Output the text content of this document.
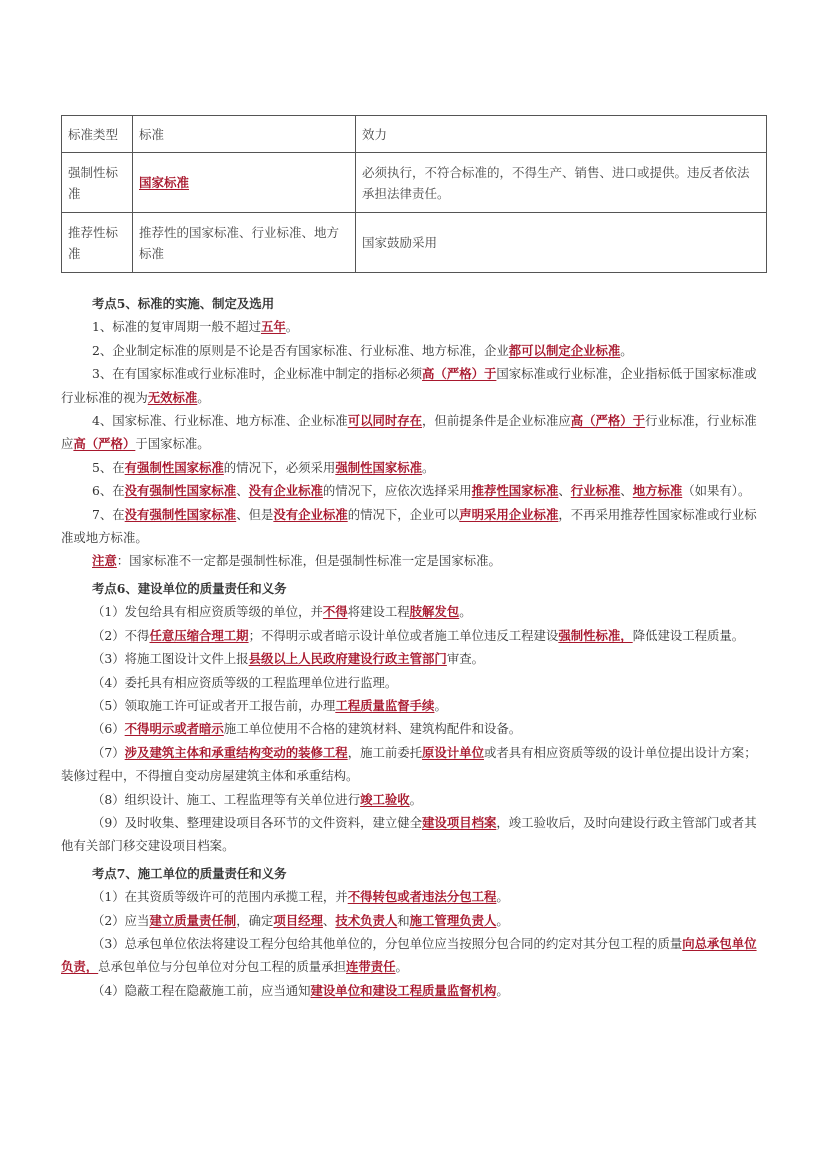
标准类型	标准	效力
强制性标准	国家标准	必须执行，不符合标准的，不得生产、销售、进口或提供。违反者依法承担法律责任。
推荐性标准	推荐性的国家标准、行业标准、地方标准	国家鼓励采用

考点5、标准的实施、制定及选用

1、标准的复审周期一般不超过五年。

2、企业制定标准的原则是不论是否有国家标准、行业标准、地方标准，企业都可以制定企业标准。

3、在有国家标准或行业标准时，企业标准中制定的指标必须高（严格）于国家标准或行业标准，企业指标低于国家标准或行业标准的视为无效标准。

4、国家标准、行业标准、地方标准、企业标准可以同时存在，但前提条件是企业标准应高（严格）于行业标准，行业标准应高（严格）于国家标准。

5、在有强制性国家标准的情况下，必须采用强制性国家标准。

6、在没有强制性国家标准、没有企业标准的情况下，应依次选择采用推荐性国家标准、行业标准、地方标准（如果有）。

7、在没有强制性国家标准、但是没有企业标准的情况下，企业可以声明采用企业标准，不再采用推荐性国家标准或行业标准或地方标准。

注意：国家标准不一定都是强制性标准，但是强制性标准一定是国家标准。

考点6、建设单位的质量责任和义务

（1）发包给具有相应资质等级的单位，并不得将建设工程肢解发包。

（2）不得任意压缩合理工期；不得明示或者暗示设计单位或者施工单位违反工程建设强制性标准，降低建设工程质量。

（3）将施工图设计文件上报县级以上人民政府建设行政主管部门审查。

（4）委托具有相应资质等级的工程监理单位进行监理。

（5）领取施工许可证或者开工报告前，办理工程质量监督手续。

（6）不得明示或者暗示施工单位使用不合格的建筑材料、建筑构配件和设备。

（7）涉及建筑主体和承重结构变动的装修工程，施工前委托原设计单位或者具有相应资质等级的设计单位提出设计方案；装修过程中，不得擅自变动房屋建筑主体和承重结构。

（8）组织设计、施工、工程监理等有关单位进行竣工验收。

（9）及时收集、整理建设项目各环节的文件资料，建立健全建设项目档案，竣工验收后，及时向建设行政主管部门或者其他有关部门移交建设项目档案。

考点7、施工单位的质量责任和义务

（1）在其资质等级许可的范围内承揽工程，并不得转包或者违法分包工程。

（2）应当建立质量责任制，确定项目经理、技术负责人和施工管理负责人。

（3）总承包单位依法将建设工程分包给其他单位的，分包单位应当按照分包合同的约定对其分包工程的质量向总承包单位负责，总承包单位与分包单位对分包工程的质量承担连带责任。

（4）隐蔽工程在隐蔽施工前，应当通知建设单位和建设工程质量监督机构。
